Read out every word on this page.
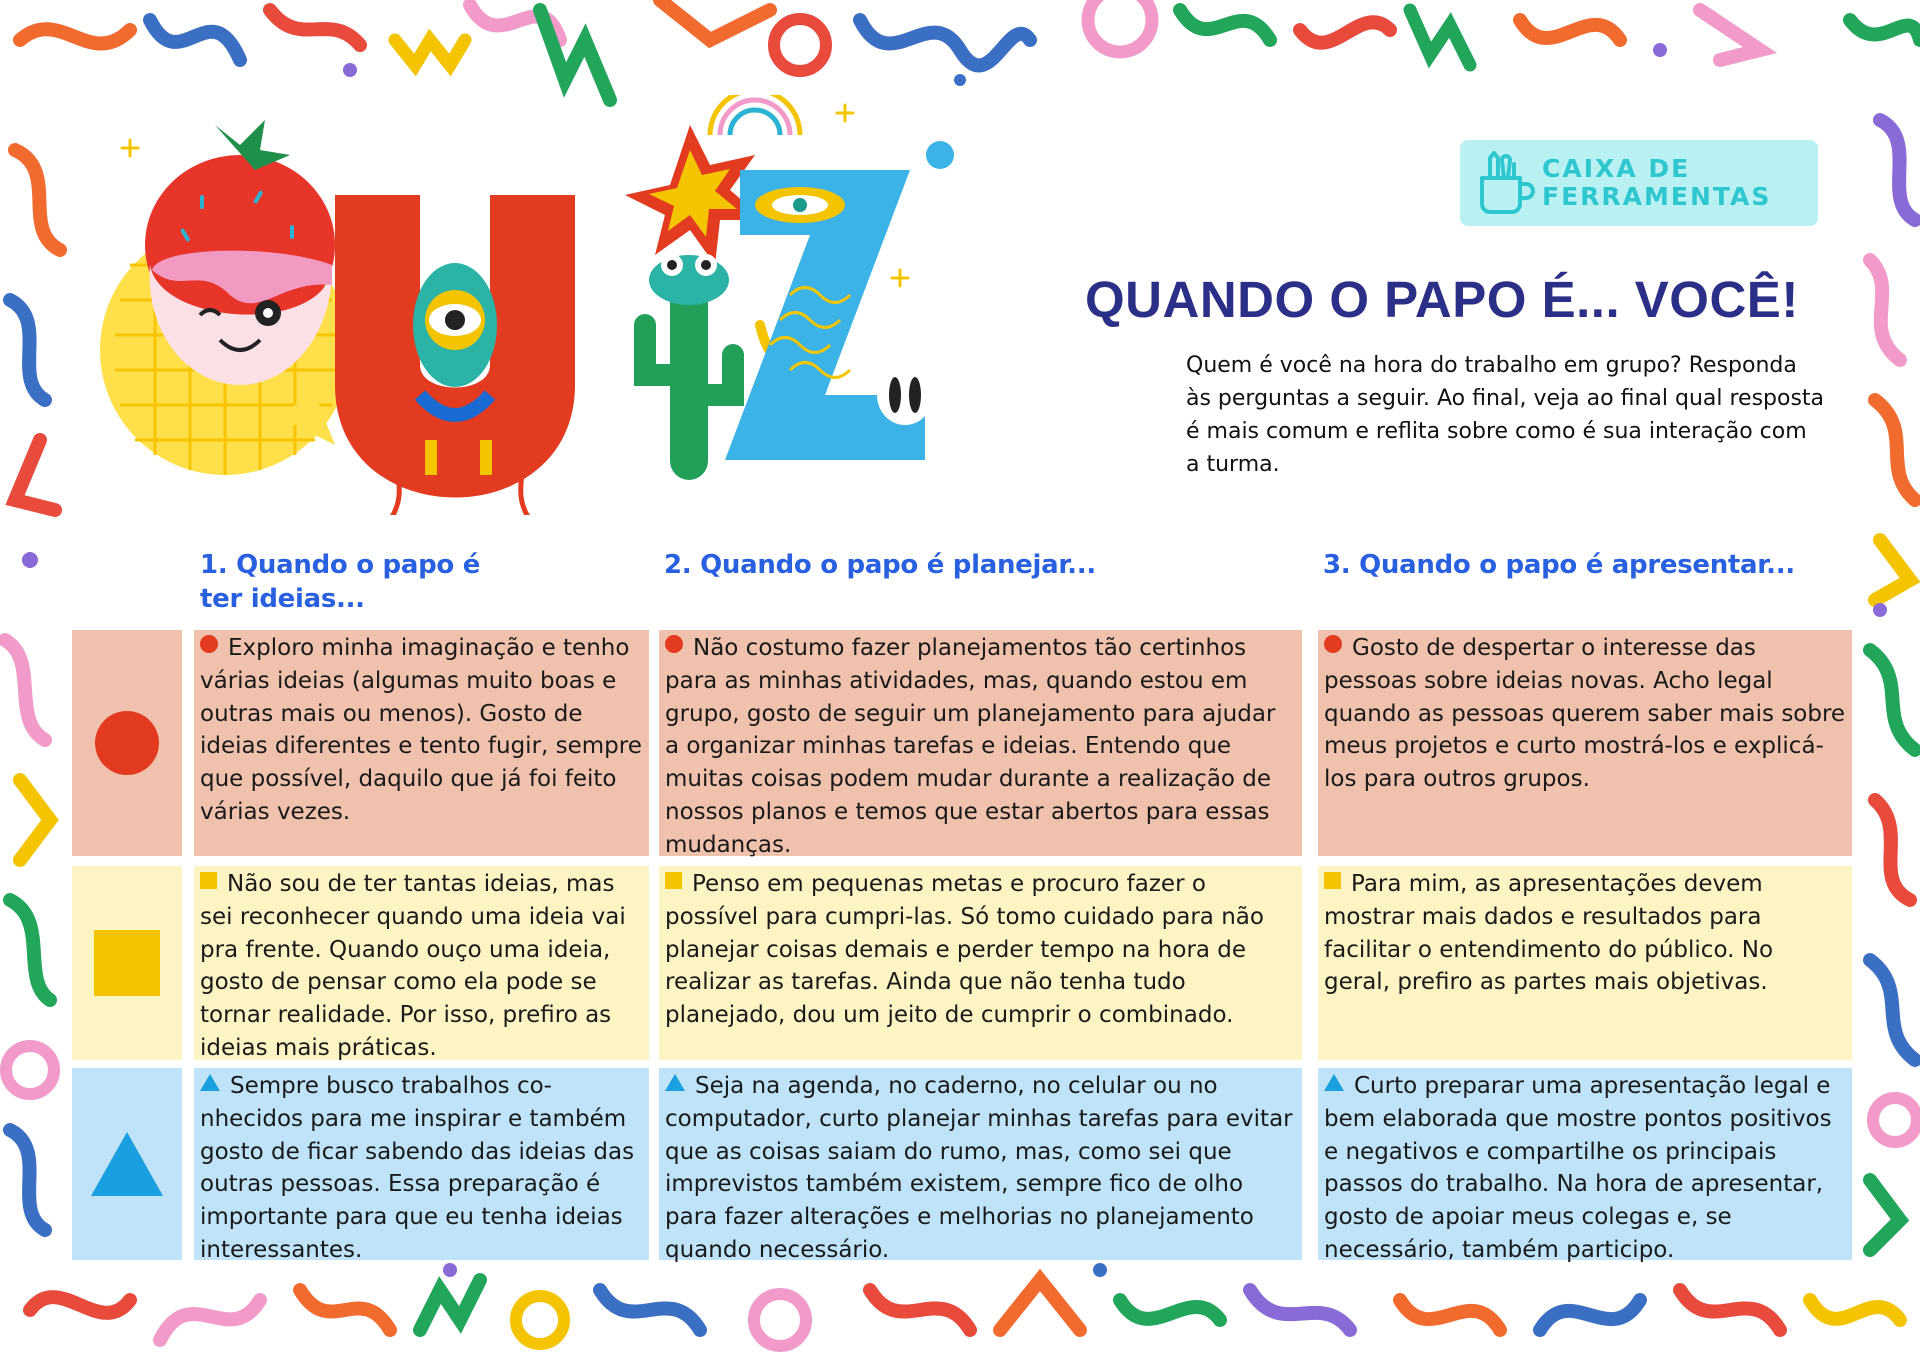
CAIXA DE
FERRAMENTAS
QUANDO O PAPO É... VOCÊ!

Quem é você na hora do trabalho em grupo? Responda às perguntas a seguir. Ao final, veja ao final qual resposta é mais comum e reflita sobre como é sua interação com a turma.

1. Quando o papo é ter ideias...
2. Quando o papo é planejar...	3. Quando o papo é apresentar...
Exploro minha imaginação e tenho várias ideias (algumas muito boas e outras mais ou menos). Gosto de ideias diferentes e tento fugir, sempre que possível, daquilo que já foi feito várias vezes.
Não costumo fazer planejamentos tão certinhos para as minhas atividades, mas, quando estou em grupo, gosto de seguir um planejamento para ajudar a organizar minhas tarefas e ideias. Entendo que muitas coisas podem mudar durante a realização de nossos planos e temos que estar abertos para essas mudanças.
Gosto de despertar o interesse das pessoas sobre ideias novas. Acho legal quando as pessoas querem saber mais sobre meus projetos e curto mostrá-los e explicá-los para outros grupos.
Não sou de ter tantas ideias, mas sei reconhecer quando uma ideia vai pra frente. Quando ouço uma ideia, gosto de pensar como ela pode se tornar realidade. Por isso, prefiro as ideias mais práticas.
Penso em pequenas metas e procuro fazer o possível para cumpri-las. Só tomo cuidado para não planejar coisas demais e perder tempo na hora de realizar as tarefas. Ainda que não tenha tudo planejado, dou um jeito de cumprir o combinado.
Para mim, as apresentações devem mostrar mais dados e resultados para facilitar o entendimento do público. No geral, prefiro as partes mais objetivas.
Sempre busco trabalhos conhecidos para me inspirar e também gosto de ficar sabendo das ideias das outras pessoas. Essa preparação é importante para que eu tenha ideias interessantes.
Seja na agenda, no caderno, no celular ou no computador, curto planejar minhas tarefas para evitar que as coisas saiam do rumo, mas, como sei que imprevistos também existem, sempre fico de olho para fazer alterações e melhorias no planejamento quando necessário.
Curto preparar uma apresentação legal e bem elaborada que mostre pontos positivos e negativos e compartilhe os principais passos do trabalho. Na hora de apresentar, gosto de apoiar meus colegas e, se necessário, também participo.
